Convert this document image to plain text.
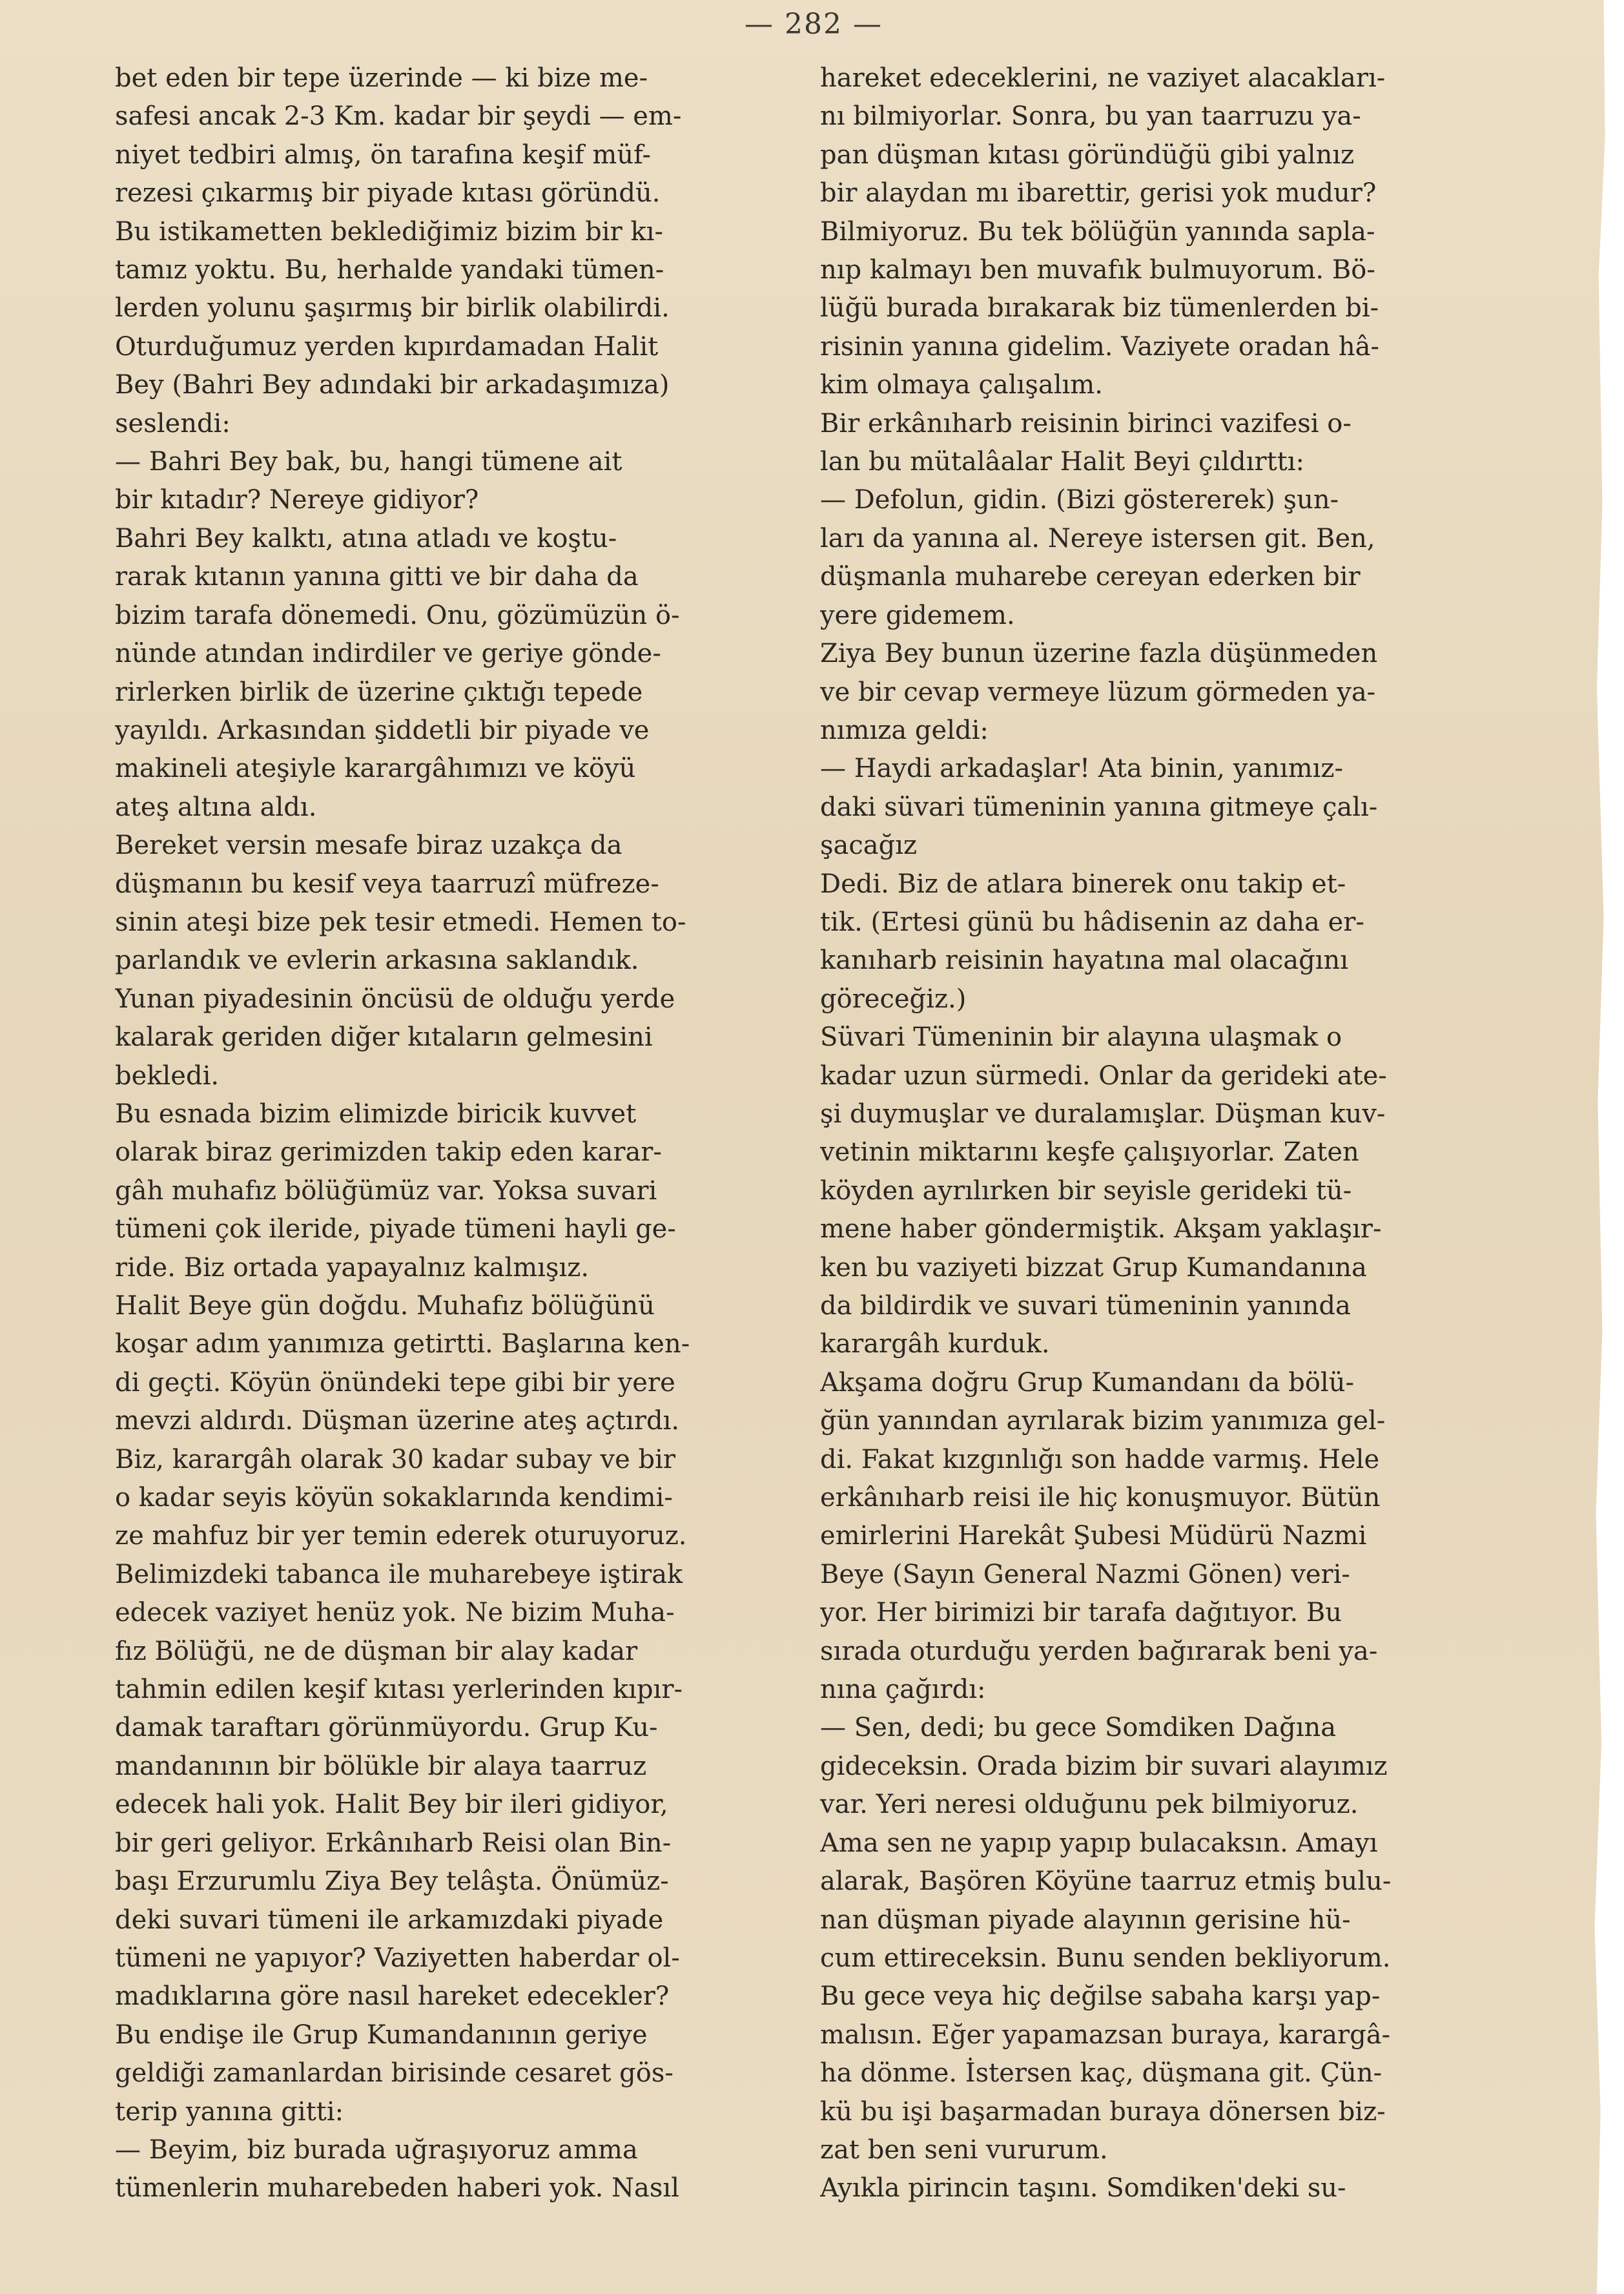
— 282 —
bet eden bir tepe üzerinde — ki bize me-
safesi ancak 2-3 Km. kadar bir şeydi — em-
niyet tedbiri almış, ön tarafına keşif müf-
rezesi çıkarmış bir piyade kıtası göründü.
Bu istikametten beklediğimiz bizim bir kı-
tamız yoktu. Bu, herhalde yandaki tümen-
lerden yolunu şaşırmış bir birlik olabilirdi.
Oturduğumuz yerden kıpırdamadan Halit
Bey (Bahri Bey adındaki bir arkadaşımıza)
seslendi:
— Bahri Bey bak, bu, hangi tümene ait
bir kıtadır? Nereye gidiyor?
Bahri Bey kalktı, atına atladı ve koştu-
rarak kıtanın yanına gitti ve bir daha da
bizim tarafa dönemedi. Onu, gözümüzün ö-
nünde atından indirdiler ve geriye gönde-
rirlerken birlik de üzerine çıktığı tepede
yayıldı. Arkasından şiddetli bir piyade ve
makineli ateşiyle karargâhımızı ve köyü
ateş altına aldı.
Bereket versin mesafe biraz uzakça da
düşmanın bu kesif veya taarruzî müfreze-
sinin ateşi bize pek tesir etmedi. Hemen to-
parlandık ve evlerin arkasına saklandık.
Yunan piyadesinin öncüsü de olduğu yerde
kalarak geriden diğer kıtaların gelmesini
bekledi.
Bu esnada bizim elimizde biricik kuvvet
olarak biraz gerimizden takip eden karar-
gâh muhafız bölüğümüz var. Yoksa suvari
tümeni çok ileride, piyade tümeni hayli ge-
ride. Biz ortada yapayalnız kalmışız.
Halit Beye gün doğdu. Muhafız bölüğünü
koşar adım yanımıza getirtti. Başlarına ken-
di geçti. Köyün önündeki tepe gibi bir yere
mevzi aldırdı. Düşman üzerine ateş açtırdı.
Biz, karargâh olarak 30 kadar subay ve bir
o kadar seyis köyün sokaklarında kendimi-
ze mahfuz bir yer temin ederek oturuyoruz.
Belimizdeki tabanca ile muharebeye iştirak
edecek vaziyet henüz yok. Ne bizim Muha-
fız Bölüğü, ne de düşman bir alay kadar
tahmin edilen keşif kıtası yerlerinden kıpır-
damak taraftarı görünmüyordu. Grup Ku-
mandanının bir bölükle bir alaya taarruz
edecek hali yok. Halit Bey bir ileri gidiyor,
bir geri geliyor. Erkânıharb Reisi olan Bin-
başı Erzurumlu Ziya Bey telâşta. Önümüz-
deki suvari tümeni ile arkamızdaki piyade
tümeni ne yapıyor? Vaziyetten haberdar ol-
madıklarına göre nasıl hareket edecekler?
Bu endişe ile Grup Kumandanının geriye
geldiği zamanlardan birisinde cesaret gös-
terip yanına gitti:
— Beyim, biz burada uğraşıyoruz amma
tümenlerin muharebeden haberi yok. Nasıl
hareket edeceklerini, ne vaziyet alacakları-
nı bilmiyorlar. Sonra, bu yan taarruzu ya-
pan düşman kıtası göründüğü gibi yalnız
bir alaydan mı ibarettir, gerisi yok mudur?
Bilmiyoruz. Bu tek bölüğün yanında sapla-
nıp kalmayı ben muvafık bulmuyorum. Bö-
lüğü burada bırakarak biz tümenlerden bi-
risinin yanına gidelim. Vaziyete oradan hâ-
kim olmaya çalışalım.
Bir erkânıharb reisinin birinci vazifesi o-
lan bu mütalâalar Halit Beyi çıldırttı:
— Defolun, gidin. (Bizi göstererek) şun-
ları da yanına al. Nereye istersen git. Ben,
düşmanla muharebe cereyan ederken bir
yere gidemem.
Ziya Bey bunun üzerine fazla düşünmeden
ve bir cevap vermeye lüzum görmeden ya-
nımıza geldi:
— Haydi arkadaşlar! Ata binin, yanımız-
daki süvari tümeninin yanına gitmeye çalı-
şacağız
Dedi. Biz de atlara binerek onu takip et-
tik. (Ertesi günü bu hâdisenin az daha er-
kanıharb reisinin hayatına mal olacağını
göreceğiz.)
Süvari Tümeninin bir alayına ulaşmak o
kadar uzun sürmedi. Onlar da gerideki ate-
şi duymuşlar ve duralamışlar. Düşman kuv-
vetinin miktarını keşfe çalışıyorlar. Zaten
köyden ayrılırken bir seyisle gerideki tü-
mene haber göndermiştik. Akşam yaklaşır-
ken bu vaziyeti bizzat Grup Kumandanına
da bildirdik ve suvari tümeninin yanında
karargâh kurduk.
Akşama doğru Grup Kumandanı da bölü-
ğün yanından ayrılarak bizim yanımıza gel-
di. Fakat kızgınlığı son hadde varmış. Hele
erkânıharb reisi ile hiç konuşmuyor. Bütün
emirlerini Harekât Şubesi Müdürü Nazmi
Beye (Sayın General Nazmi Gönen) veri-
yor. Her birimizi bir tarafa dağıtıyor. Bu
sırada oturduğu yerden bağırarak beni ya-
nına çağırdı:
— Sen, dedi; bu gece Somdiken Dağına
gideceksin. Orada bizim bir suvari alayımız
var. Yeri neresi olduğunu pek bilmiyoruz.
Ama sen ne yapıp yapıp bulacaksın. Amayı
alarak, Başören Köyüne taarruz etmiş bulu-
nan düşman piyade alayının gerisine hü-
cum ettireceksin. Bunu senden bekliyorum.
Bu gece veya hiç değilse sabaha karşı yap-
malısın. Eğer yapamazsan buraya, karargâ-
ha dönme. İstersen kaç, düşmana git. Çün-
kü bu işi başarmadan buraya dönersen biz-
zat ben seni vururum.
Ayıkla pirincin taşını. Somdiken'deki su-
